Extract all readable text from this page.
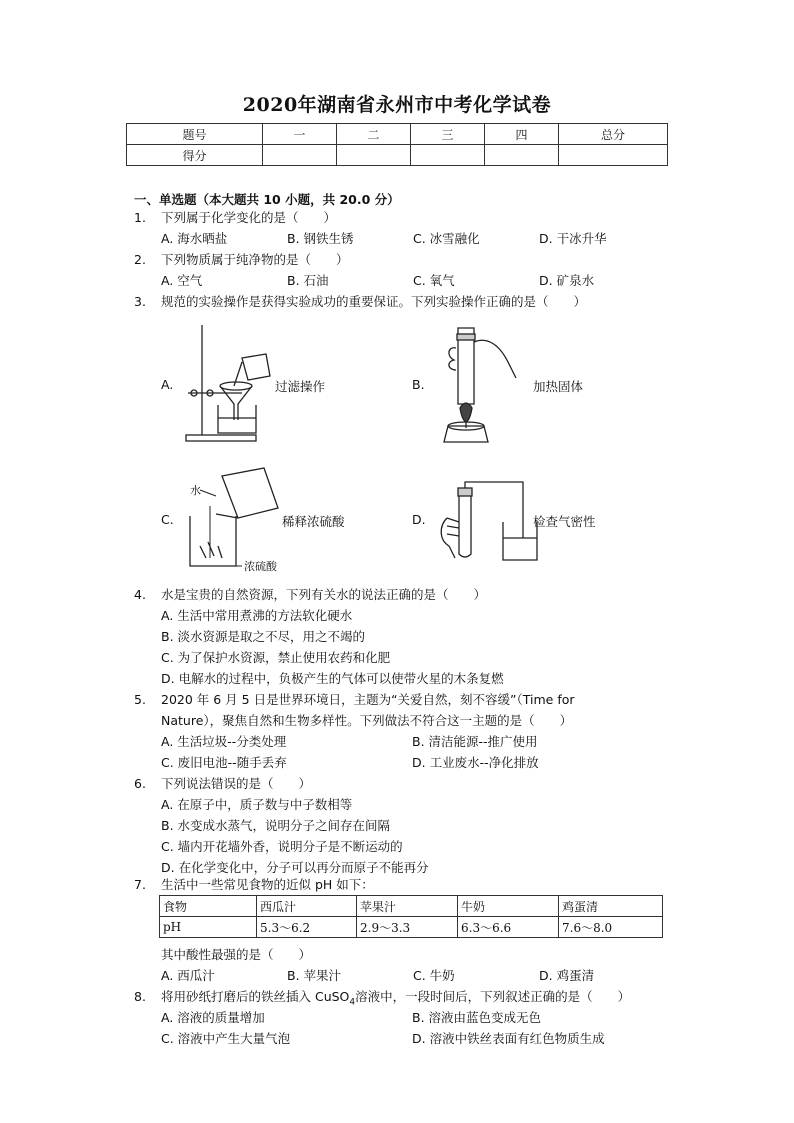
2020年湖南省永州市中考化学试卷
题号	一	二	三	四	总分
得分					
一、单选题（本大题共 10 小题，共 20.0 分）
1. 下列属于化学变化的是（　　）
A. 海水晒盐	B. 钢铁生锈	C. 冰雪融化	D. 干冰升华
2. 下列物质属于纯净物的是（　　）
A. 空气	B. 石油	C. 氧气	D. 矿泉水
3. 规范的实验操作是获得实验成功的重要保证。下列实验操作正确的是（　　）
A.	过滤操作	B.	加热固体
C.	稀释浓硫酸	D.	检查气密性
水
浓硫酸
4. 水是宝贵的自然资源，下列有关水的说法正确的是（　　）
A. 生活中常用煮沸的方法软化硬水
B. 淡水资源是取之不尽，用之不竭的
C. 为了保护水资源，禁止使用农药和化肥
D. 电解水的过程中，负极产生的气体可以使带火星的木条复燃
5. 2020 年 6 月 5 日是世界环境日，主题为“关爱自然，刻不容缓”（Time for
Nature），聚焦自然和生物多样性。下列做法不符合这一主题的是（　　）
A. 生活垃圾--分类处理	B. 清洁能源--推广使用
C. 废旧电池--随手丢弃	D. 工业废水--净化排放
6. 下列说法错误的是（　　）
A. 在原子中，质子数与中子数相等
B. 水变成水蒸气，说明分子之间存在间隔
C. 墙内开花墙外香，说明分子是不断运动的
D. 在化学变化中，分子可以再分而原子不能再分
7. 生活中一些常见食物的近似 pH 如下：
食物	西瓜汁	苹果汁	牛奶	鸡蛋清
pH	5.3～6.2	2.9～3.3	6.3～6.6	7.6～8.0
其中酸性最强的是（　　）
A. 西瓜汁	B. 苹果汁	C. 牛奶	D. 鸡蛋清
8. 将用砂纸打磨后的铁丝插入 CuSO$_4$溶液中，一段时间后，下列叙述正确的是（　　）
A. 溶液的质量增加	B. 溶液由蓝色变成无色
C. 溶液中产生大量气泡	D. 溶液中铁丝表面有红色物质生成
